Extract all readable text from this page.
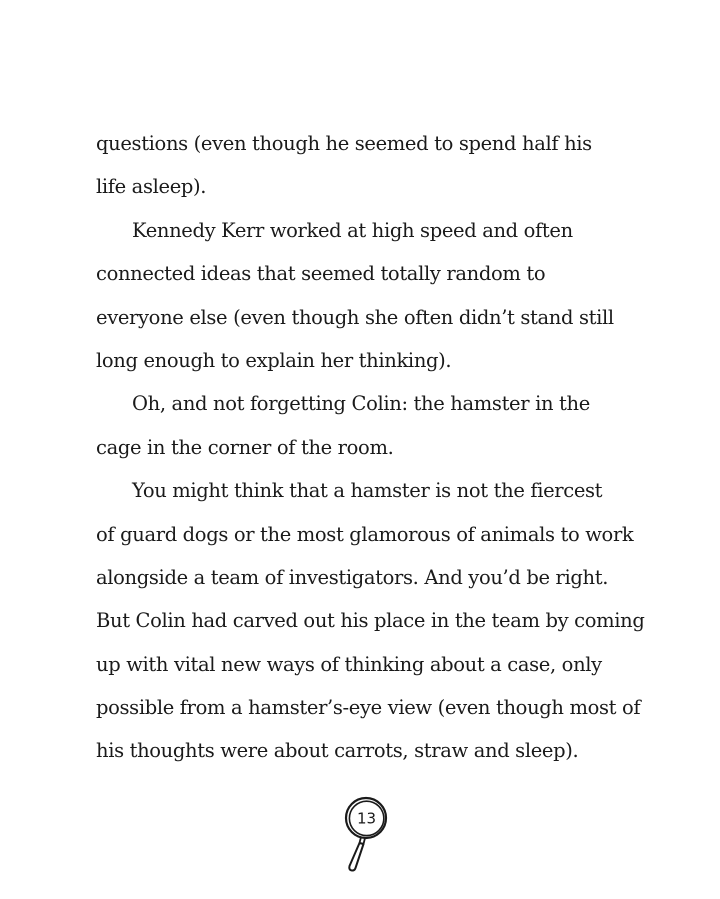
questions (even though he seemed to spend half his
life asleep).
Kennedy Kerr worked at high speed and often
connected ideas that seemed totally random to
everyone else (even though she often didn’t stand still
long enough to explain her thinking).
Oh, and not forgetting Colin: the hamster in the
cage in the corner of the room.
You might think that a hamster is not the fiercest
of guard dogs or the most glamorous of animals to work
alongside a team of investigators. And you’d be right.
But Colin had carved out his place in the team by coming
up with vital new ways of thinking about a case, only
possible from a hamster’s-eye view (even though most of
his thoughts were about carrots, straw and sleep).
13
